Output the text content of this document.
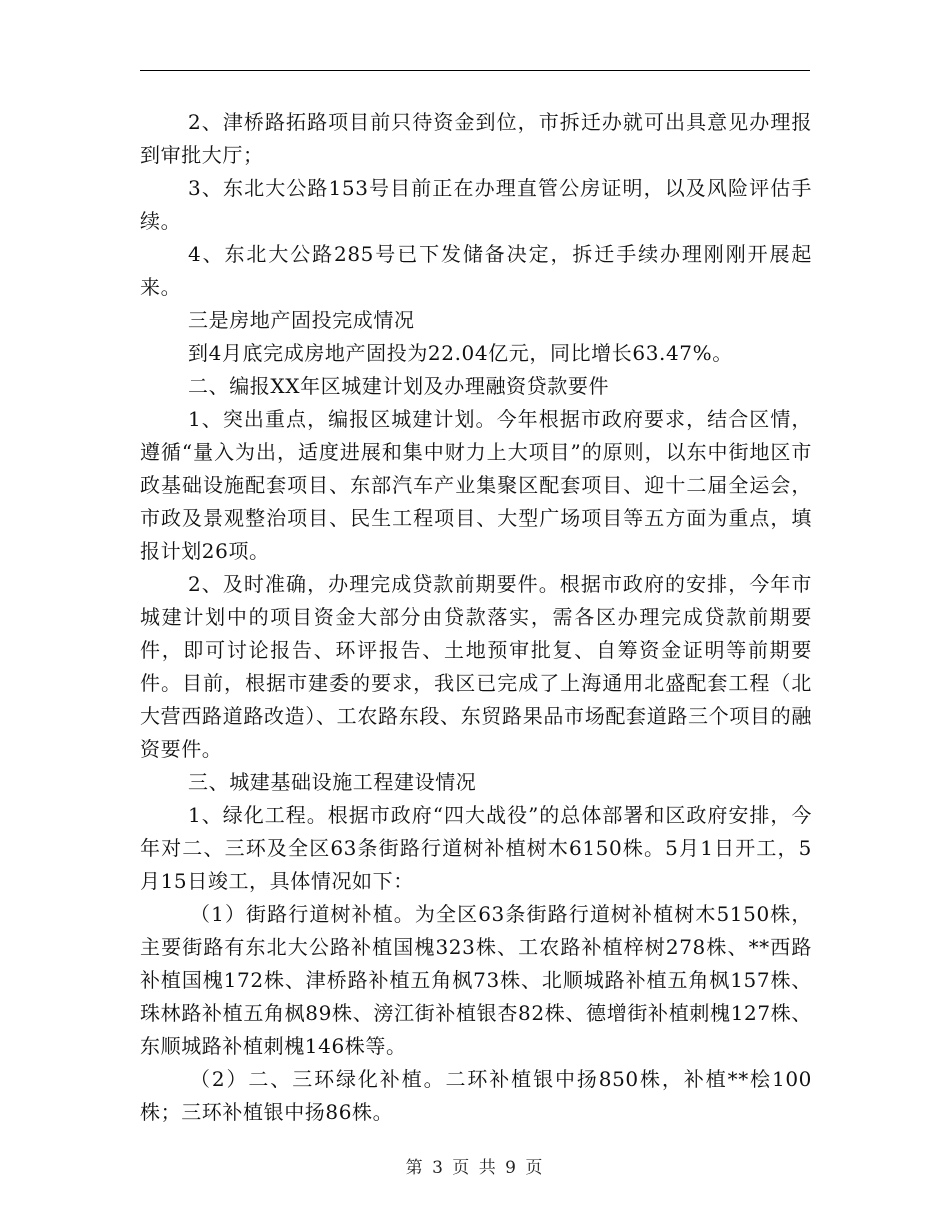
2、津桥路拓路项目前只待资金到位，市拆迁办就可出具意见办理报到审批大厅；

3、东北大公路153号目前正在办理直管公房证明，以及风险评估手续。

4、东北大公路285号已下发储备决定，拆迁手续办理刚刚开展起来。

三是房地产固投完成情况

到4月底完成房地产固投为22.04亿元，同比增长63.47%。

二、编报XX年区城建计划及办理融资贷款要件

1、突出重点，编报区城建计划。今年根据市政府要求，结合区情，遵循“量入为出，适度进展和集中财力上大项目”的原则，以东中街地区市政基础设施配套项目、东部汽车产业集聚区配套项目、迎十二届全运会，市政及景观整治项目、民生工程项目、大型广场项目等五方面为重点，填报计划26项。

2、及时准确，办理完成贷款前期要件。根据市政府的安排，今年市城建计划中的项目资金大部分由贷款落实，需各区办理完成贷款前期要件，即可讨论报告、环评报告、土地预审批复、自筹资金证明等前期要件。目前，根据市建委的要求，我区已完成了上海通用北盛配套工程（北大营西路道路改造）、工农路东段、东贸路果品市场配套道路三个项目的融资要件。

三、城建基础设施工程建设情况

1、绿化工程。根据市政府“四大战役”的总体部署和区政府安排，今年对二、三环及全区63条街路行道树补植树木6150株。5月1日开工，5月15日竣工，具体情况如下：

（1）街路行道树补植。为全区63条街路行道树补植树木5150株，主要街路有东北大公路补植国槐323株、工农路补植梓树278株、**西路补植国槐172株、津桥路补植五角枫73株、北顺城路补植五角枫157株、珠林路补植五角枫89株、滂江街补植银杏82株、德增街补植刺槐127株、东顺城路补植刺槐146株等。

（2）二、三环绿化补植。二环补植银中扬850株，补植**桧100株；三环补植银中扬86株。

第 3 页 共 9 页
